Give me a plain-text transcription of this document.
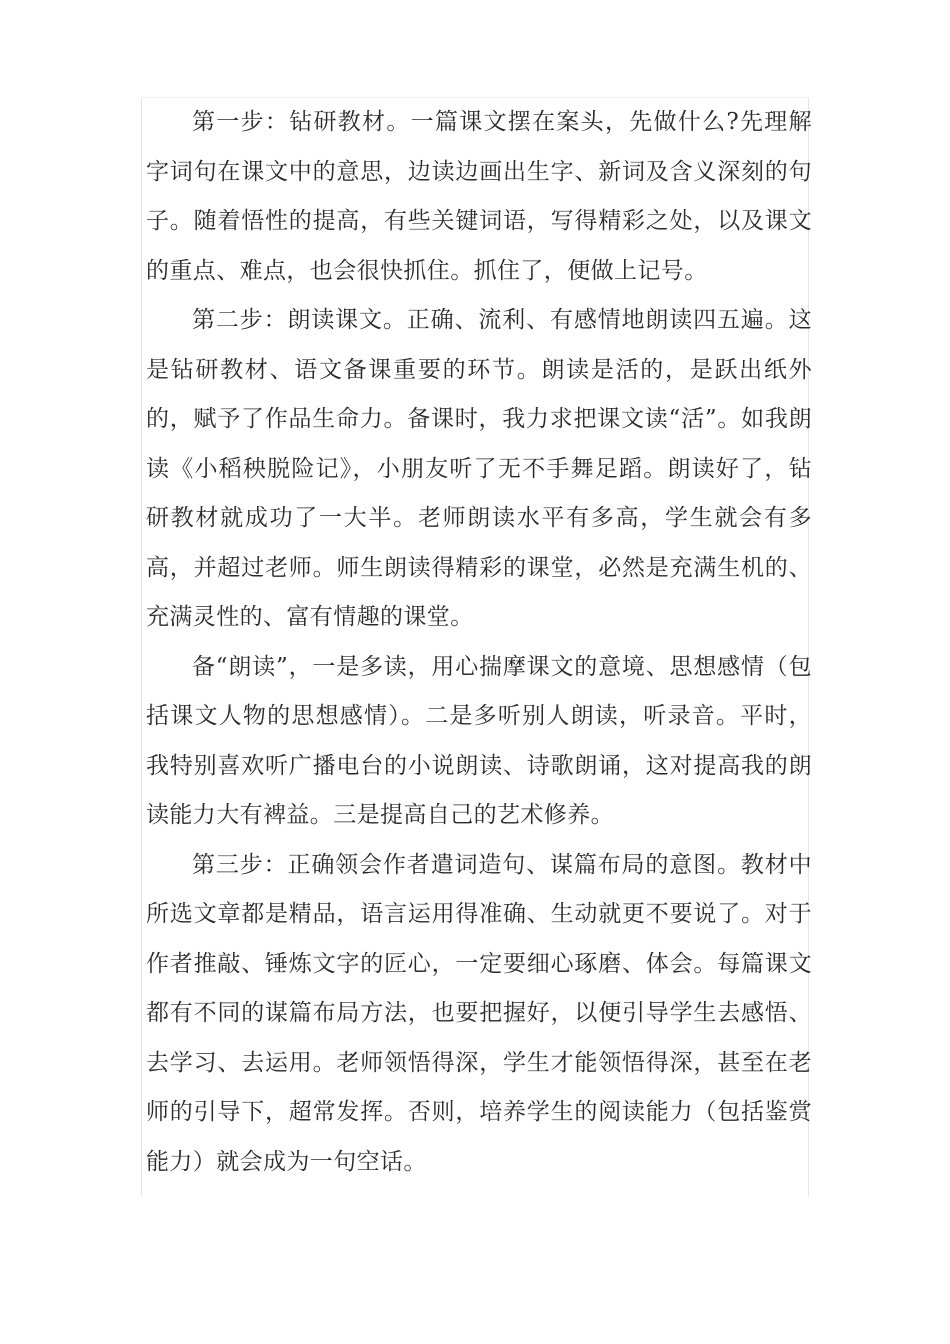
第一步：钻研教材。一篇课文摆在案头，先做什么?先理解字词句在课文中的意思，边读边画出生字、新词及含义深刻的句子。随着悟性的提高，有些关键词语，写得精彩之处，以及课文的重点、难点，也会很快抓住。抓住了，便做上记号。

第二步：朗读课文。正确、流利、有感情地朗读四五遍。这是钻研教材、语文备课重要的环节。朗读是活的，是跃出纸外的，赋予了作品生命力。备课时，我力求把课文读“活”。如我朗读《小稻秧脱险记》，小朋友听了无不手舞足蹈。朗读好了，钻研教材就成功了一大半。老师朗读水平有多高，学生就会有多高，并超过老师。师生朗读得精彩的课堂，必然是充满生机的、充满灵性的、富有情趣的课堂。

备“朗读”，一是多读，用心揣摩课文的意境、思想感情（包括课文人物的思想感情）。二是多听别人朗读，听录音。平时，我特别喜欢听广播电台的小说朗读、诗歌朗诵，这对提高我的朗读能力大有裨益。三是提高自己的艺术修养。

第三步：正确领会作者遣词造句、谋篇布局的意图。教材中所选文章都是精品，语言运用得准确、生动就更不要说了。对于作者推敲、锤炼文字的匠心，一定要细心琢磨、体会。每篇课文都有不同的谋篇布局方法，也要把握好，以便引导学生去感悟、去学习、去运用。老师领悟得深，学生才能领悟得深，甚至在老师的引导下，超常发挥。否则，培养学生的阅读能力（包括鉴赏能力）就会成为一句空话。
